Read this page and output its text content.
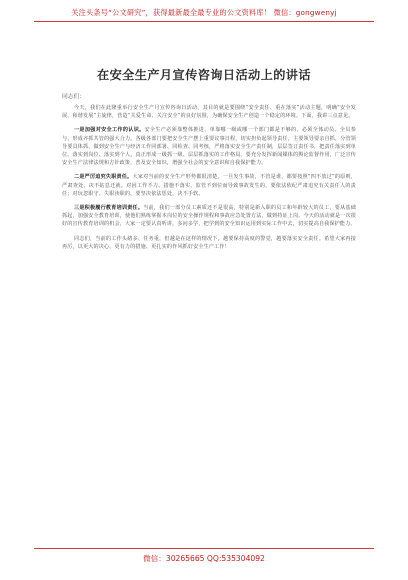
关注头条号“公文研究”，获得最新最全最专业的公文资料库！ 微信：gongwenyj
在安全生产月宣传咨询日活动上的讲话
同志们：

今天，我们在此隆重举行安全生产月宣传咨询日活动，其目的就是要围绕“安全责任、重在落实”活动主题，明确“安全发展、和谐发展”主旋律，营造“关爱生命、关注安全”的良好氛围，为确保安全生产创造一个稳定的环境。下面，我讲三点意见。

一是加强对安全工作的认识。安全生产必须靠整体推进，单靠哪一级或哪一个部门都是不够的，必须全体动员、全员参与，形成齐抓共管的强大合力。各级各部门要把安全生产摆上重要议事日程，切实担负起领导责任，主要领导要亲自抓，分管领导要具体抓，做到安全生产与经济工作同部署、同检查、同考核，严格落实安全生产责任制，层层签订责任书，把责任落实到单位、落实到岗位、落实到个人，真正形成一级抓一级、层层抓落实的工作格局。要充分发挥新闻媒体的舆论监督作用，广泛宣传安全生产法律法规和方针政策，普及安全知识，增强全社会的安全意识和自我保护能力。

二是严厉追究失职责任。大家对当前的安全生产形势都很清楚，一旦发生事故，不管是谁，都要按照“四不放过”的原则，严肃查处，决不姑息迁就。对因工作不力、措施不落实、监管不到位而导致事故发生的，要依法依纪严肃追究有关责任人的责任；对玩忽职守、失职渎职的，要坚决依法惩处，决不手软。

三是积极履行教育培训责任。当前，我们一部分员工素质还不是很高，特别是新入职的员工和年龄较大的员工，要从基础抓起，加强安全教育培训，使他们熟练掌握本岗位的安全操作规程和事故应急处置方法，做到持证上岗。今天的活动就是一次很好的宣传教育培训的机会，大家一定要认真听讲，多问多学，把学到的安全知识运用到实际工作中去，切实提高自我保护能力。

同志们，当前的工作头绪多、任务重，但越是在这样的情况下，越要保持高度的警觉，越要落实安全责任。希望大家再接再厉，以更大的决心、更有力的措施、更扎实的作风抓好安全生产工作！

微信：30265665 QQ:535304092
